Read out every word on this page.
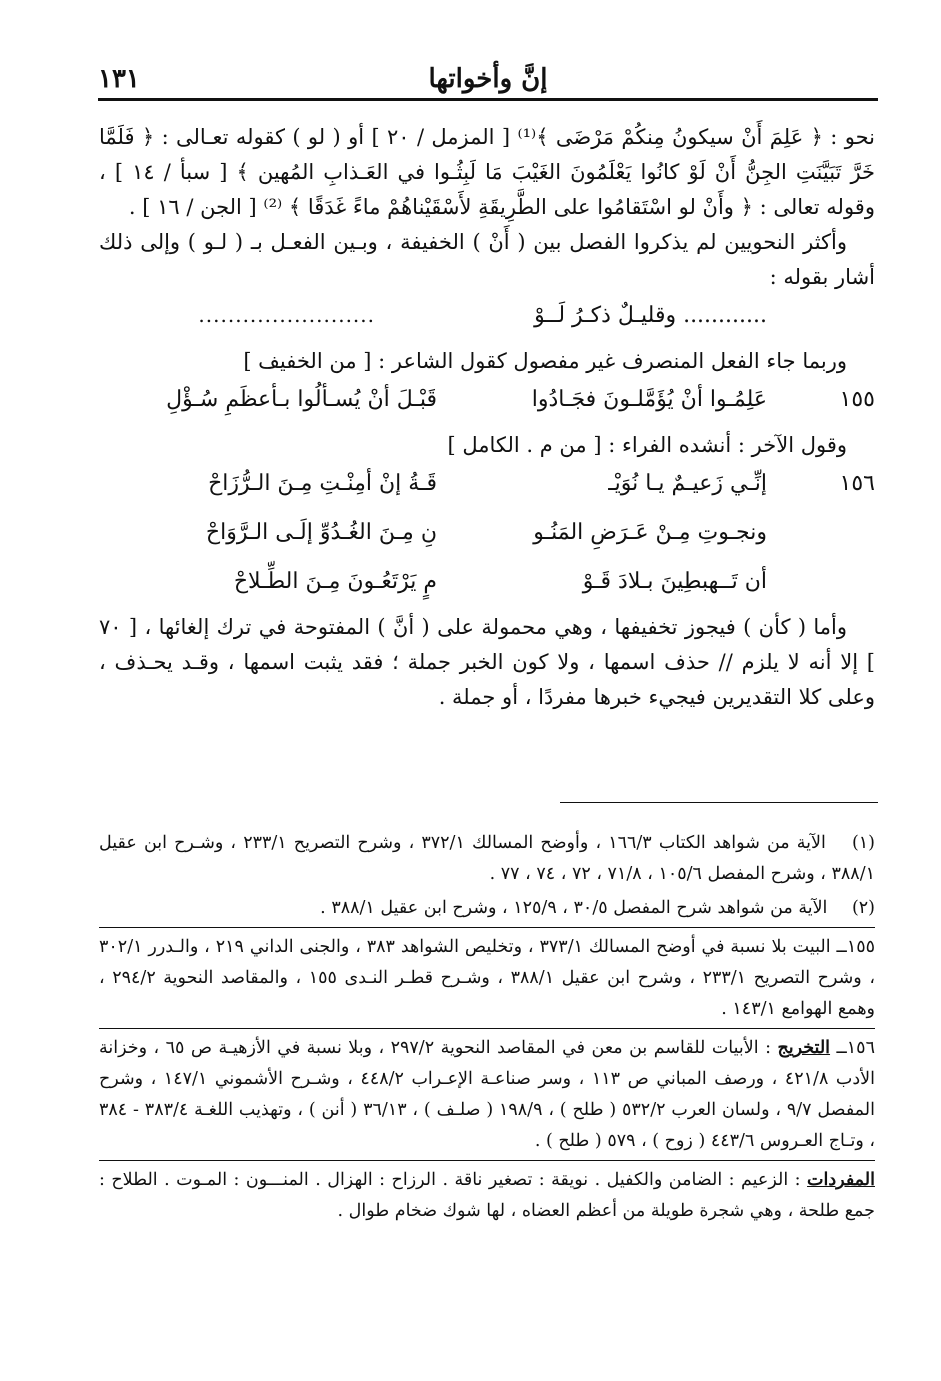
إنَّ وأخواتها
١٣١

نحو : ﴿ عَلِمَ أَنْ سيكونُ مِنكُمْ مَرْضَى ﴾⁽¹⁾ [ المزمل / ٢٠ ] أو ( لو ) كقوله تعـالى : ﴿ فَلَمَّا خَرَّ تَبَيَّنَتِ الجِنُّ أَنْ لَوْ كانُوا يَعْلَمُونَ الغَيْبَ مَا لَبِثُـوا في العَـذابِ المُهين ﴾ [ سبأ / ١٤ ] ، وقوله تعالى : ﴿ وأَنْ لو اسْتَقامُوا على الطَّرِيقَةِ لأَسْقَيْناهُمْ ماءً غَدَقًا ﴾ ⁽²⁾ [ الجن / ١٦ ] .

وأكثر النحويين لم يذكروا الفصل بين ( أَنْ ) الخفيفة ، وبـين الفعـل بـ ( لـو ) وإلى ذلك أشار بقوله :

............ وقليـلٌ ذكـرُ لَــوْ
........................

وربما جاء الفعل المنصرف غير مفصول كقول الشاعر : [ من الخفيف ]

١٥٥
عَلِمُـوا أنْ يُؤَمَّلـونَ فجَـادُوا
قَبْـلَ أنْ يُسـألُوا بـأعظَمِ سُـؤْلِ

وقول الآخر : أنشده الفراء : [ من م . الكامل ]

١٥٦
إنِّـي زَعيـمٌ يـا نُوَيْـ
قَـةُ إنْ أمِنْـتِ مِـنَ الـرُّزَاحْ
ونجـوتِ مِـنْ عَـرَضِ المَنُـو
نِ مِـنَ الغُـدُوِّ إلَـى الـرَّوَاحْ
أن تَــهبطِينَ بـلادَ قَـوْ
مٍ يَرْتَعُـونَ مِـنَ الطِّـلاحْ

وأما ( كأن ) فيجوز تخفيفها ، وهي محمولة على ( أنَّ ) المفتوحة في ترك إلغائها ، [ ٧٠ ] إلا أنه لا يلزم // حذف اسمها ، ولا كون الخبر جملة ؛ فقد يثبت اسمها ، وقـد يحـذف ، وعلى كلا التقديرين فيجيء خبرها مفردًا ، أو جملة .

(١) الآية من شواهد الكتاب ١٦٦/٣ ، وأوضح المسالك ٣٧٢/١ ، وشرح التصريح ٢٣٣/١ ، وشـرح ابن عقيل ٣٨٨/١ ، وشرح المفصل ١٠٥/٦ ، ٧١/٨ ، ٧٢ ، ٧٤ ، ٧٧ .

(٢) الآية من شواهد شرح المفصل ٣٠/٥ ، ١٢٥/٩ ، وشرح ابن عقيل ٣٨٨/١ .

١٥٥ــ البيت بلا نسبة في أوضح المسالك ٣٧٣/١ ، وتخليص الشواهد ٣٨٣ ، والجنى الداني ٢١٩ ، والـدرر ٣٠٢/١ ، وشرح التصريح ٢٣٣/١ ، وشرح ابن عقيل ٣٨٨/١ ، وشـرح قطـر النـدى ١٥٥ ، والمقاصد النحوية ٢٩٤/٢ ، وهمع الهوامع ١٤٣/١ .

١٥٦ــ التخريج : الأبيات للقاسم بن معن في المقاصد النحوية ٢٩٧/٢ ، وبلا نسبة في الأزهيـة ص ٦٥ ، وخزانة الأدب ٤٢١/٨ ، ورصف المباني ص ١١٣ ، وسر صناعـة الإعـراب ٤٤٨/٢ ، وشـرح الأشموني ١٤٧/١ ، وشرح المفصل ٩/٧ ، ولسان العرب ٥٣٢/٢ ( طلح ) ، ١٩٨/٩ ( صلـف ) ، ٣٦/١٣ ( أنن ) ، وتهذيب اللغـة ٣٨٣/٤ - ٣٨٤ ، وتـاج العـروس ٤٤٣/٦ ( زوح ) ، ٥٧٩ ( طلح ) .

المفردات : الزعيم : الضامن والكفيل . نويقة : تصغير ناقة . الرزاح : الهزال . المنـــون : المـوت . الطلاح : جمع طلحة ، وهي شجرة طويلة من أعظم العضاه ، لها شوك ضخام طوال .
